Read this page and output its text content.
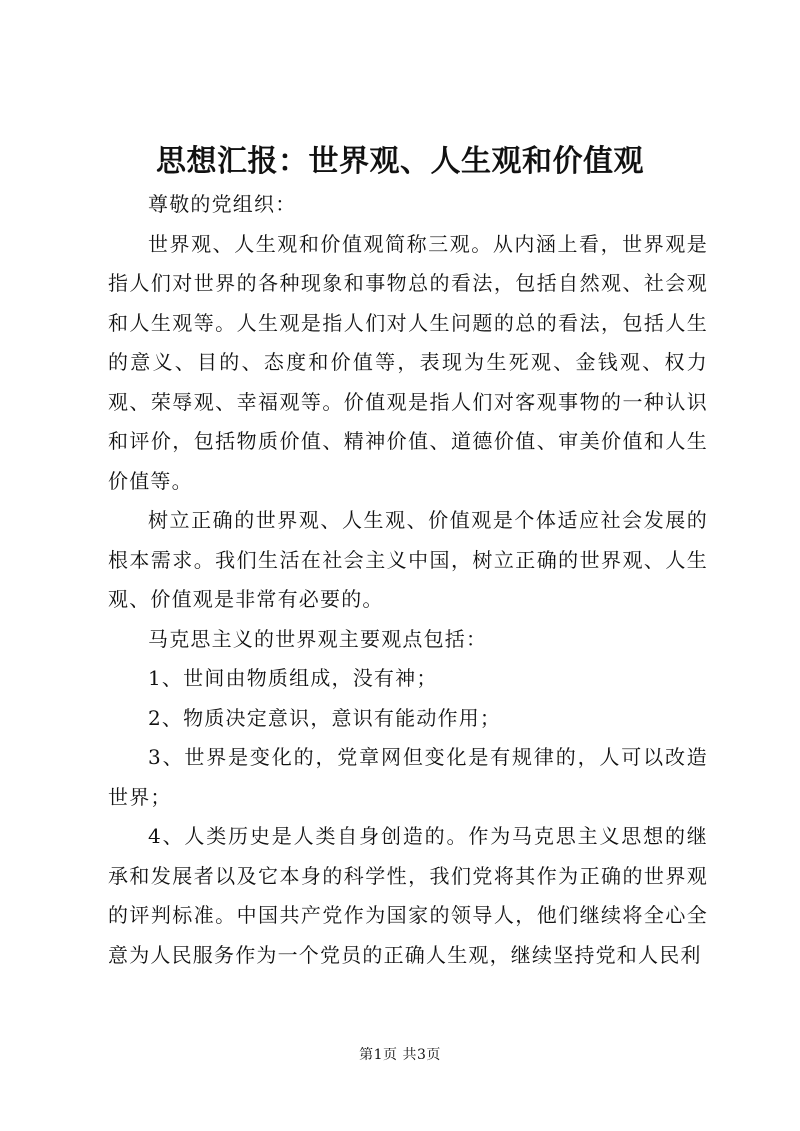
思想汇报：世界观、人生观和价值观

尊敬的党组织：

世界观、人生观和价值观简称三观。从内涵上看，世界观是指人们对世界的各种现象和事物总的看法，包括自然观、社会观和人生观等。人生观是指人们对人生问题的总的看法，包括人生的意义、目的、态度和价值等，表现为生死观、金钱观、权力观、荣辱观、幸福观等。价值观是指人们对客观事物的一种认识和评价，包括物质价值、精神价值、道德价值、审美价值和人生价值等。

树立正确的世界观、人生观、价值观是个体适应社会发展的根本需求。我们生活在社会主义中国，树立正确的世界观、人生观、价值观是非常有必要的。

马克思主义的世界观主要观点包括：

1、世间由物质组成，没有神；

2、物质决定意识，意识有能动作用；

3、世界是变化的，党章网但变化是有规律的，人可以改造世界；

4、人类历史是人类自身创造的。作为马克思主义思想的继承和发展者以及它本身的科学性，我们党将其作为正确的世界观的评判标准。中国共产党作为国家的领导人，他们继续将全心全意为人民服务作为一个党员的正确人生观，继续坚持党和人民利

第1页 共3页
